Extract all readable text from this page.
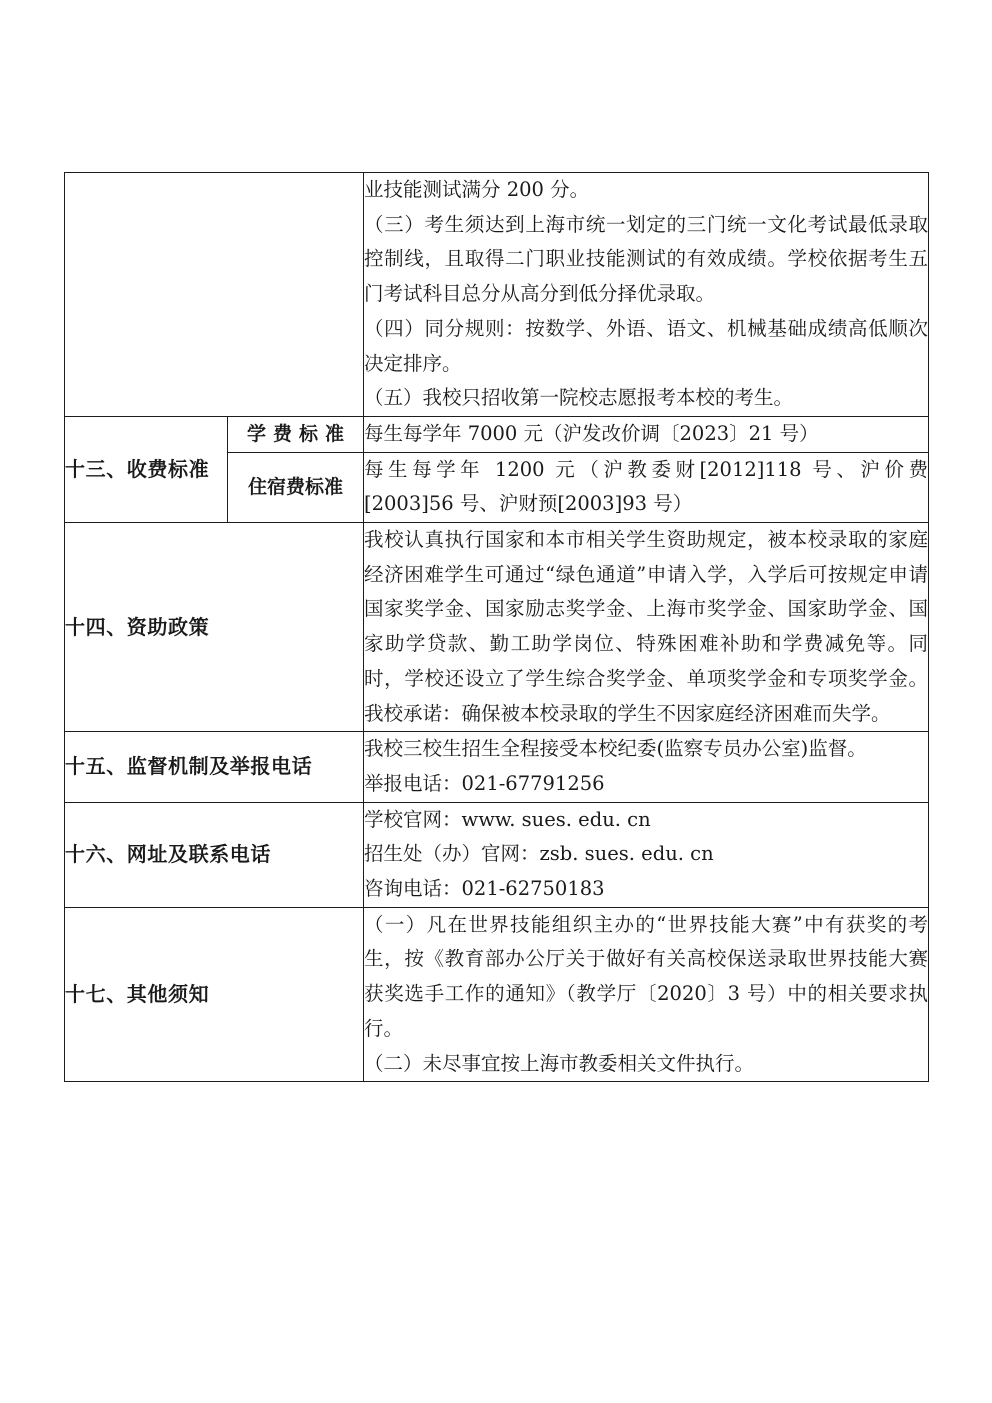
		业技能测试满分 200 分。

（三）考生须达到上海市统一划定的三门统一文化考试最低录取控制线，且取得二门职业技能测试的有效成绩。学校依据考生五门考试科目总分从高分到低分择优录取。

（四）同分规则：按数学、外语、语文、机械基础成绩高低顺次决定排序。

（五）我校只招收第一院校志愿报考本校的考生。

十三、收费标准	学费标准	每生每学年 7000 元（沪发改价调〔2023〕21 号）

	住宿费标准	每生每学年 1200 元（沪教委财[2012]118 号、沪价费[2003]56 号、沪财预[2003]93 号）

十四、资助政策		我校认真执行国家和本市相关学生资助规定，被本校录取的家庭经济困难学生可通过“绿色通道”申请入学，入学后可按规定申请国家奖学金、国家励志奖学金、上海市奖学金、国家助学金、国家助学贷款、勤工助学岗位、特殊困难补助和学费减免等。同时，学校还设立了学生综合奖学金、单项奖学金和专项奖学金。我校承诺：确保被本校录取的学生不因家庭经济困难而失学。

十五、监督机制及举报电话		我校三校生招生全程接受本校纪委(监察专员办公室)监督。

举报电话：021-67791256

十六、网址及联系电话		学校官网：www. sues. edu. cn

招生处（办）官网：zsb. sues. edu. cn

咨询电话：021-62750183

十七、其他须知		（一）凡在世界技能组织主办的“世界技能大赛”中有获奖的考生，按《教育部办公厅关于做好有关高校保送录取世界技能大赛获奖选手工作的通知》（教学厅〔2020〕3 号）中的相关要求执行。

（二）未尽事宜按上海市教委相关文件执行。
